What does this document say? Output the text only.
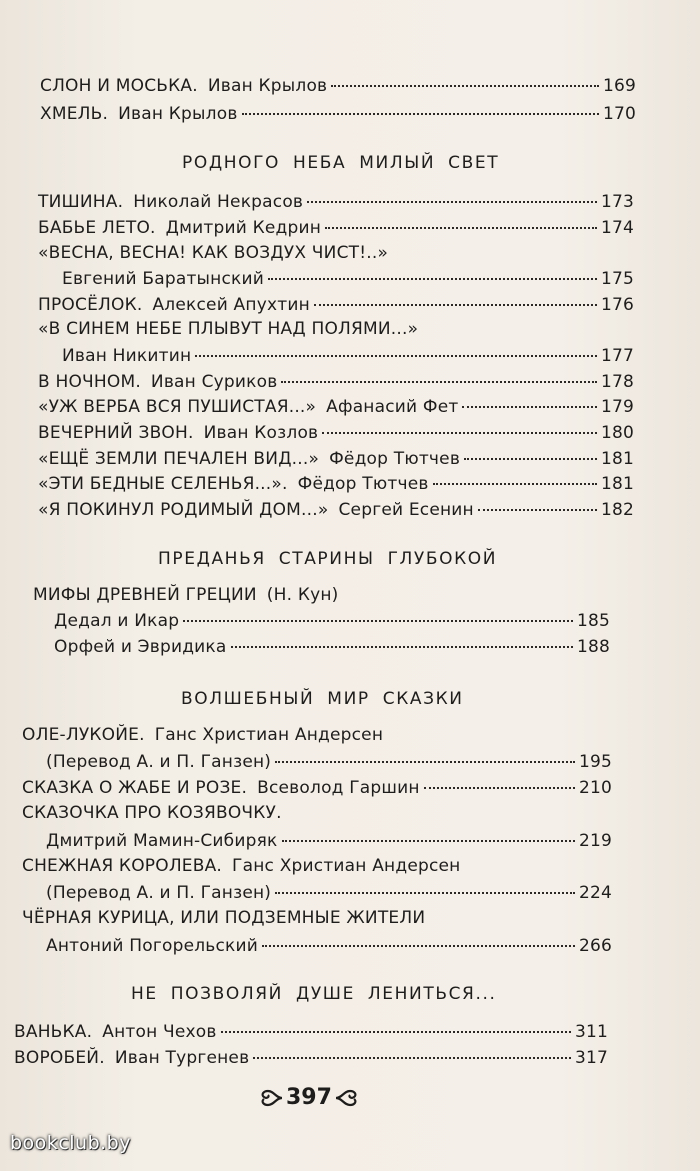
СЛОН И МОСЬКА. Иван Крылов	169
ХМЕЛЬ. Иван Крылов	170
РОДНОГО НЕБА МИЛЫЙ СВЕТ
ТИШИНА. Николай Некрасов	173
БАБЬЕ ЛЕТО. Дмитрий Кедрин	174
«ВЕСНА, ВЕСНА! КАК ВОЗДУХ ЧИСТ!..»
Евгений Баратынский	175
ПРОСЁЛОК. Алексей Апухтин	176
«В СИНЕМ НЕБЕ ПЛЫВУТ НАД ПОЛЯМИ...»
Иван Никитин	177
В НОЧНОМ. Иван Суриков	178
«УЖ ВЕРБА ВСЯ ПУШИСТАЯ...» Афанасий Фет	179
ВЕЧЕРНИЙ ЗВОН. Иван Козлов	180
«ЕЩЁ ЗЕМЛИ ПЕЧАЛЕН ВИД...» Фёдор Тютчев	181
«ЭТИ БЕДНЫЕ СЕЛЕНЬЯ...». Фёдор Тютчев	181
«Я ПОКИНУЛ РОДИМЫЙ ДОМ...» Сергей Есенин	182
ПРЕДАНЬЯ СТАРИНЫ ГЛУБОКОЙ
МИФЫ ДРЕВНЕЙ ГРЕЦИИ (Н. Кун)
Дедал и Икар	185
Орфей и Эвридика	188
ВОЛШЕБНЫЙ МИР СКАЗКИ
ОЛЕ-ЛУКОЙЕ. Ганс Христиан Андерсен
(Перевод А. и П. Ганзен)	195
СКАЗКА О ЖАБЕ И РОЗЕ. Всеволод Гаршин	210
СКАЗОЧКА ПРО КОЗЯВОЧКУ.
Дмитрий Мамин-Сибиряк	219
СНЕЖНАЯ КОРОЛЕВА. Ганс Христиан Андерсен
(Перевод А. и П. Ганзен)	224
ЧЁРНАЯ КУРИЦА, ИЛИ ПОДЗЕМНЫЕ ЖИТЕЛИ
Антоний Погорельский	266
НЕ ПОЗВОЛЯЙ ДУШЕ ЛЕНИТЬСЯ...
ВАНЬКА. Антон Чехов	311
ВОРОБЕЙ. Иван Тургенев	317
397
bookclub.by
